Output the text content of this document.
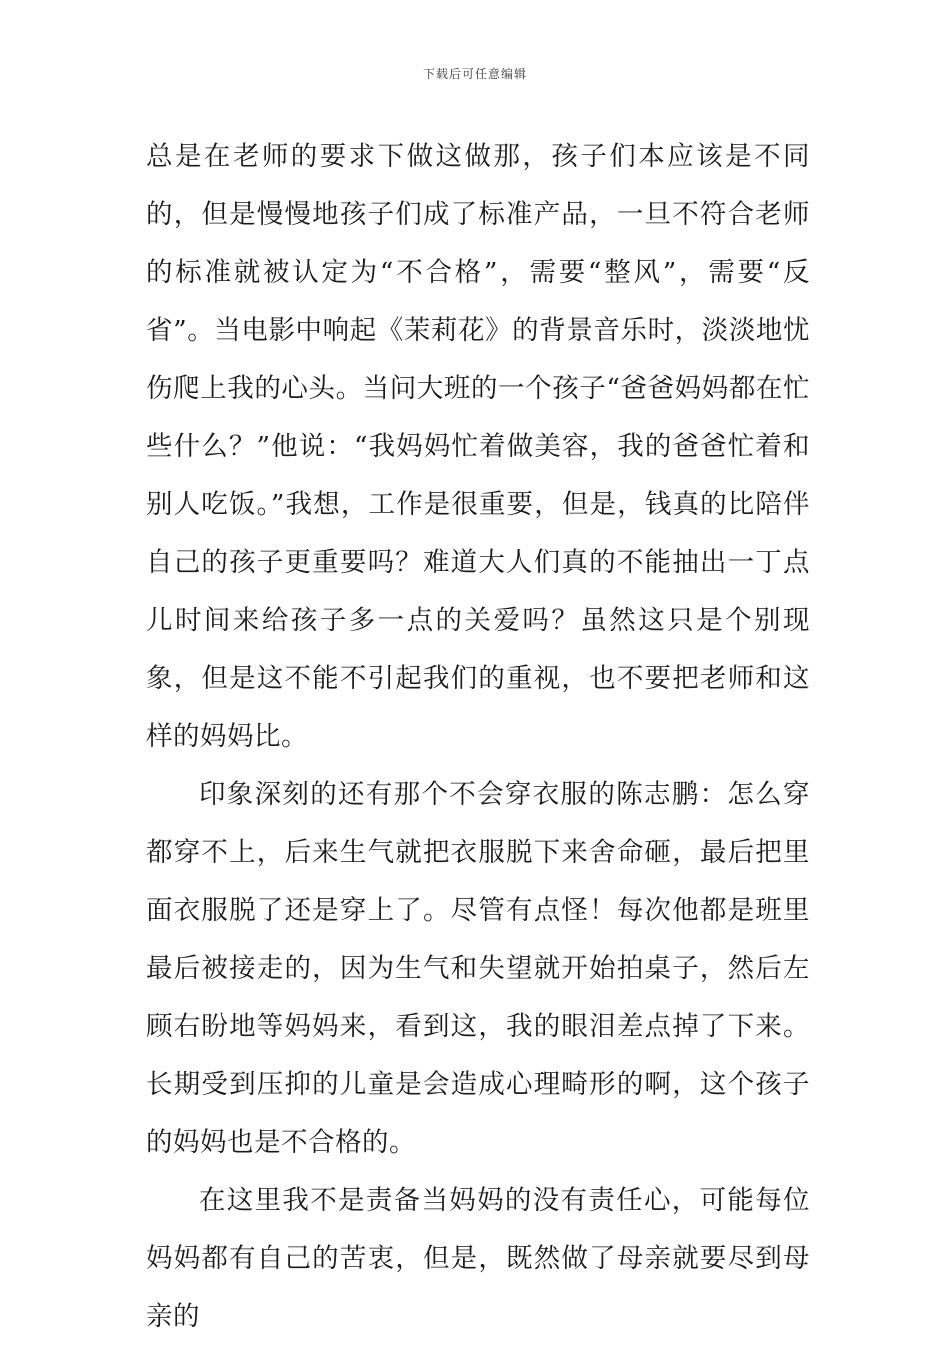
下载后可任意编辑

总是在老师的要求下做这做那，孩子们本应该是不同的，但是慢慢地孩子们成了标准产品，一旦不符合老师的标准就被认定为“不合格”，需要“整风”，需要“反省”。当电影中响起《茉莉花》的背景音乐时，淡淡地忧伤爬上我的心头。当问大班的一个孩子“爸爸妈妈都在忙些什么？”他说：“我妈妈忙着做美容，我的爸爸忙着和别人吃饭。”我想，工作是很重要，但是，钱真的比陪伴自己的孩子更重要吗？难道大人们真的不能抽出一丁点儿时间来给孩子多一点的关爱吗？虽然这只是个别现象，但是这不能不引起我们的重视，也不要把老师和这样的妈妈比。

印象深刻的还有那个不会穿衣服的陈志鹏：怎么穿都穿不上，后来生气就把衣服脱下来舍命砸，最后把里面衣服脱了还是穿上了。尽管有点怪！每次他都是班里最后被接走的，因为生气和失望就开始拍桌子，然后左顾右盼地等妈妈来，看到这，我的眼泪差点掉了下来。长期受到压抑的儿童是会造成心理畸形的啊，这个孩子的妈妈也是不合格的。

在这里我不是责备当妈妈的没有责任心，可能每位妈妈都有自己的苦衷，但是，既然做了母亲就要尽到母亲的
